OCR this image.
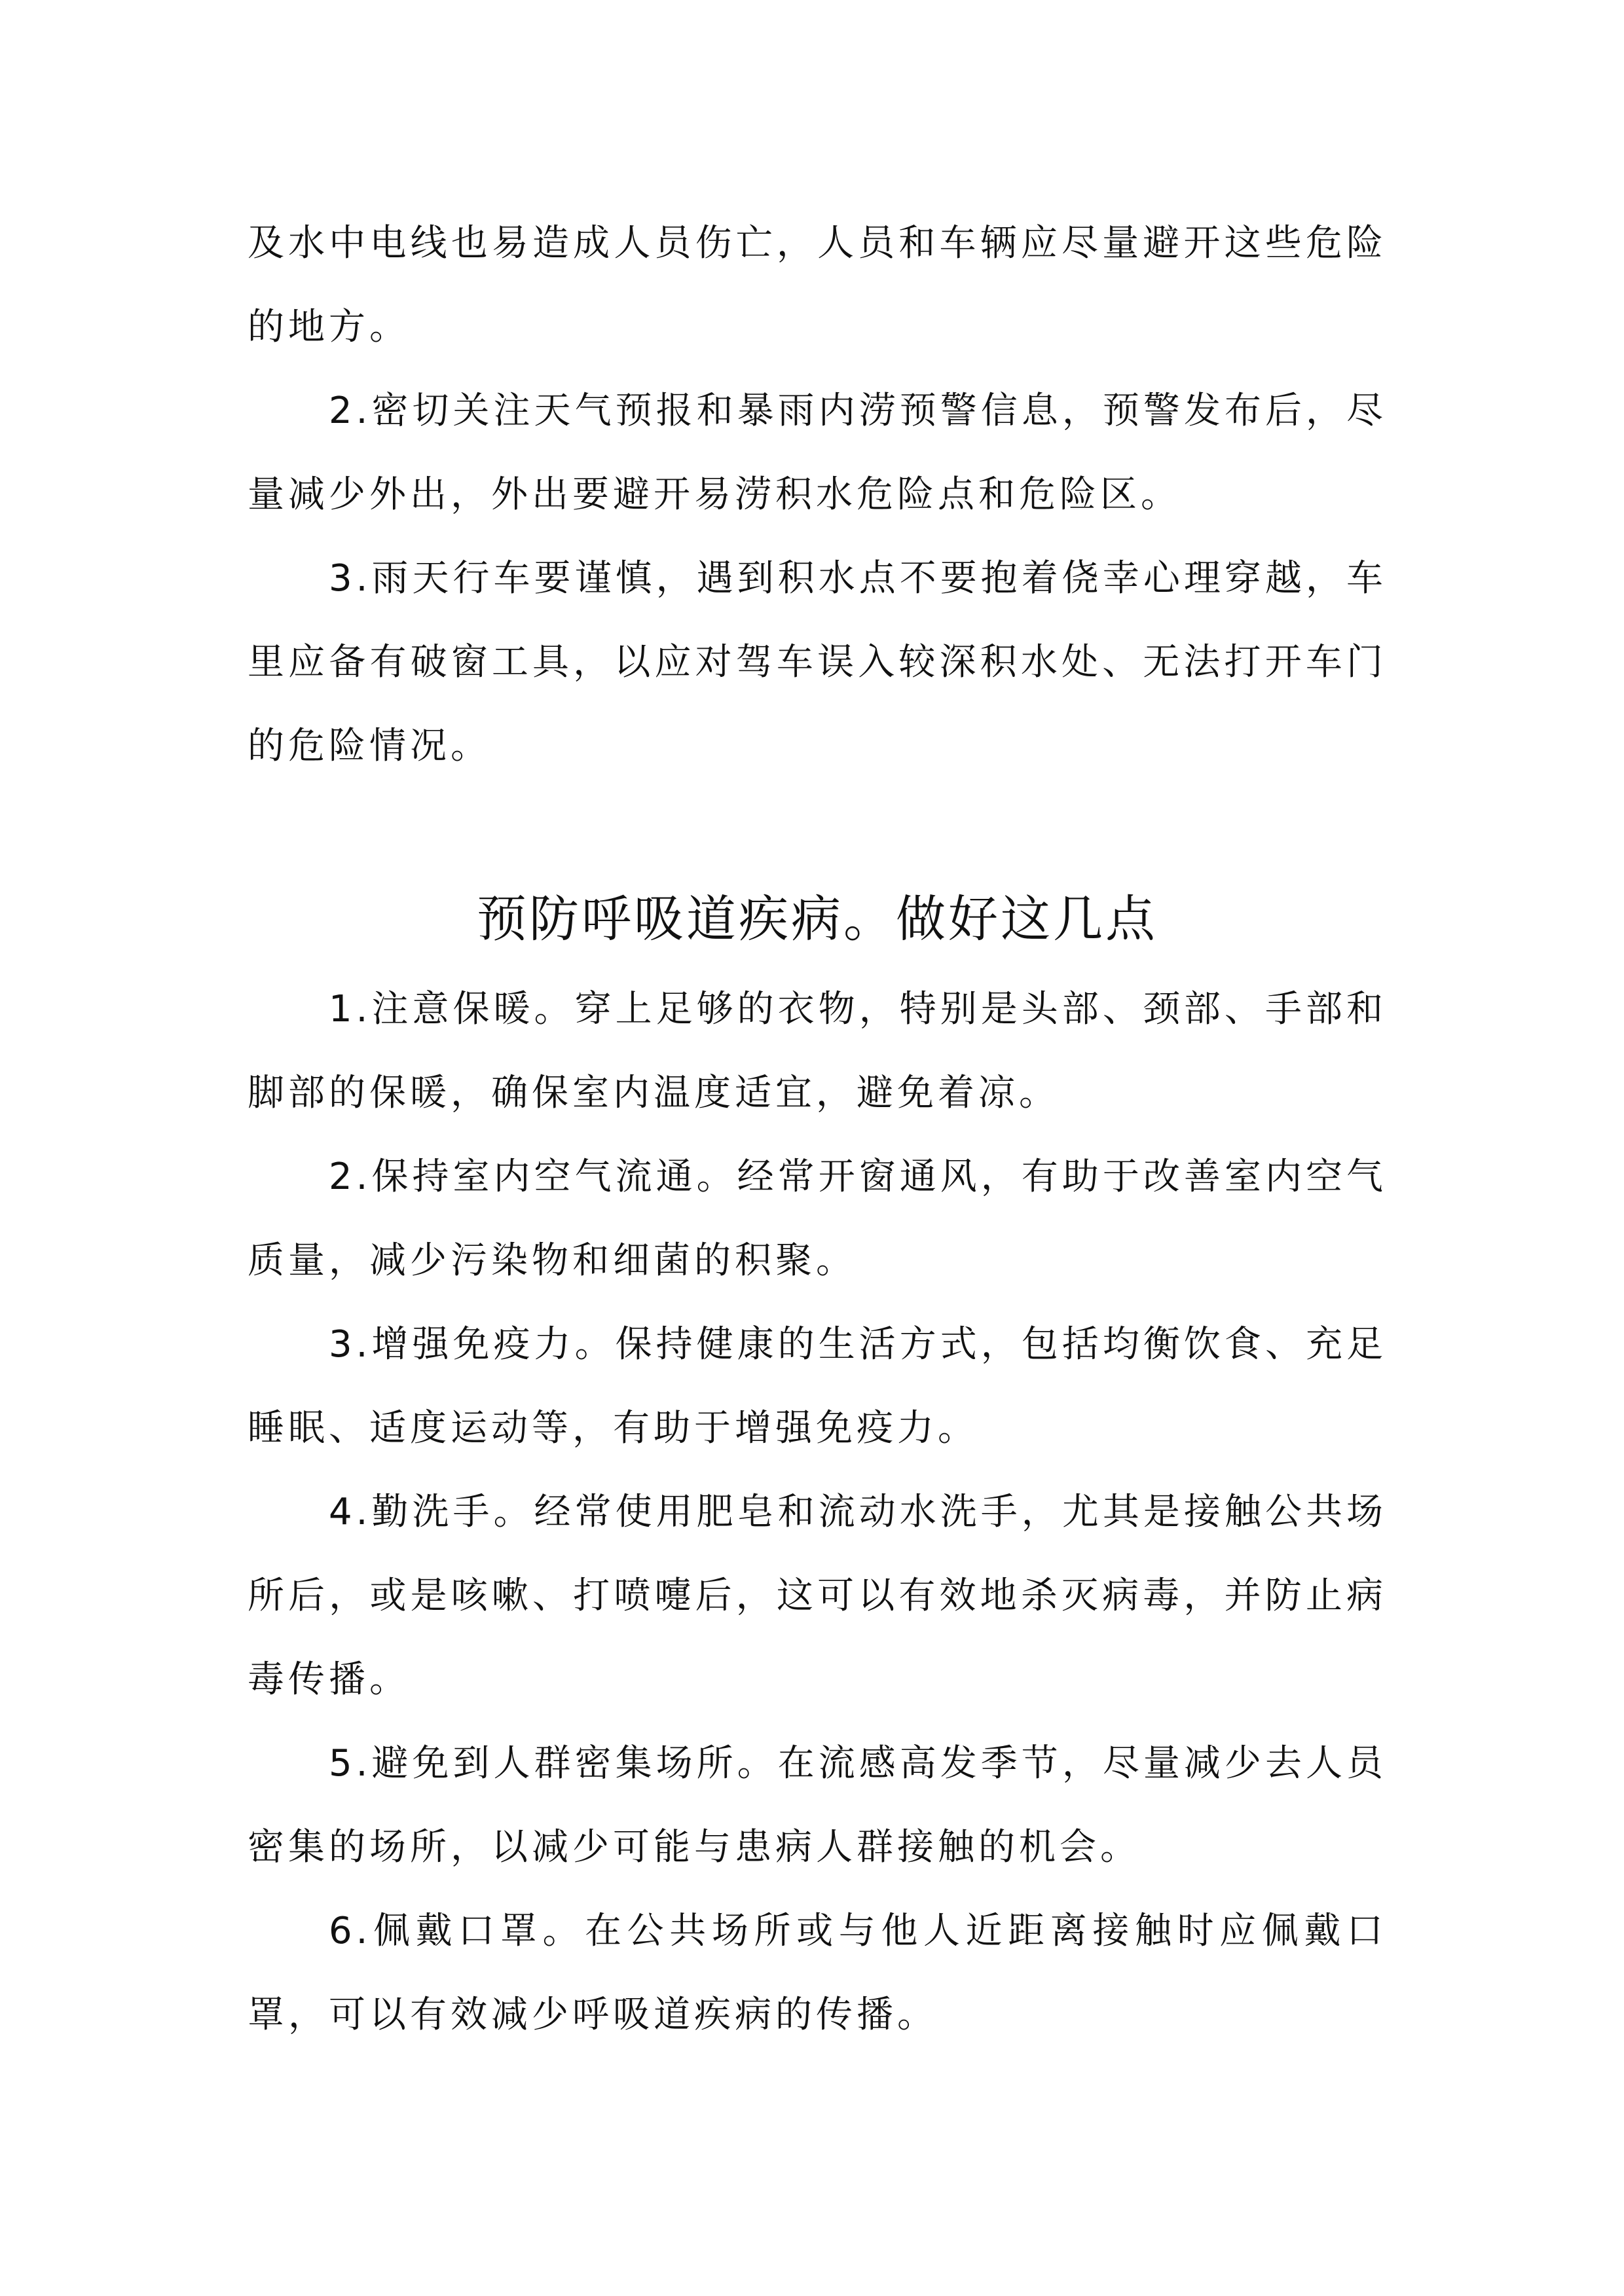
及水中电线也易造成人员伤亡，人员和车辆应尽量避开这些危险的地方。

2.密切关注天气预报和暴雨内涝预警信息，预警发布后，尽量减少外出，外出要避开易涝积水危险点和危险区。

3.雨天行车要谨慎，遇到积水点不要抱着侥幸心理穿越，车里应备有破窗工具，以应对驾车误入较深积水处、无法打开车门的危险情况。

预防呼吸道疾病。做好这几点

1.注意保暖。穿上足够的衣物，特别是头部、颈部、手部和脚部的保暖，确保室内温度适宜，避免着凉。

2.保持室内空气流通。经常开窗通风，有助于改善室内空气质量，减少污染物和细菌的积聚。

3.增强免疫力。保持健康的生活方式，包括均衡饮食、充足睡眠、适度运动等，有助于增强免疫力。

4.勤洗手。经常使用肥皂和流动水洗手，尤其是接触公共场所后，或是咳嗽、打喷嚏后，这可以有效地杀灭病毒，并防止病毒传播。

5.避免到人群密集场所。在流感高发季节，尽量减少去人员密集的场所，以减少可能与患病人群接触的机会。

6.佩戴口罩。在公共场所或与他人近距离接触时应佩戴口罩，可以有效减少呼吸道疾病的传播。
